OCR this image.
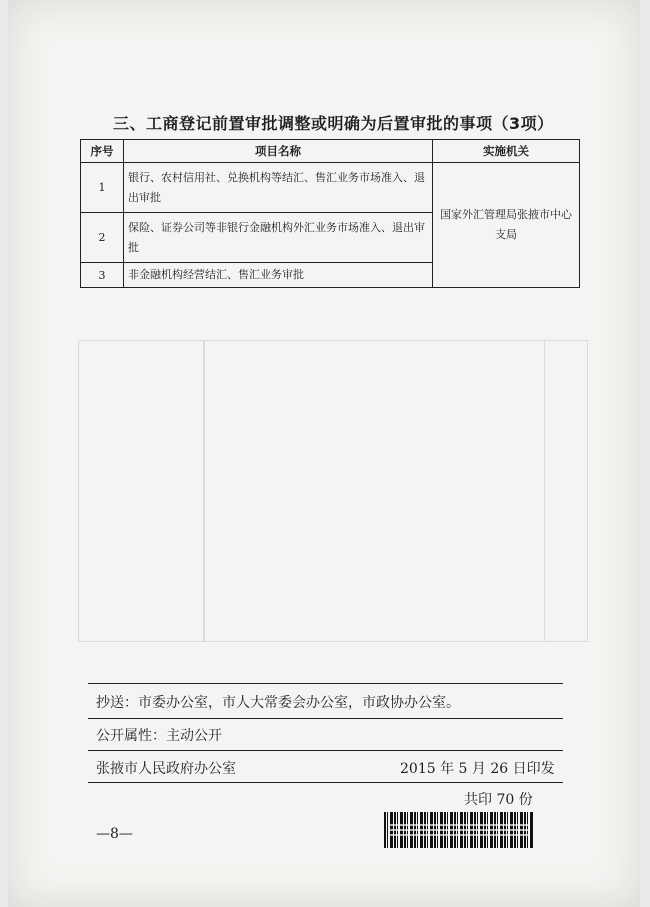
三、工商登记前置审批调整或明确为后置审批的事项（3项）
序号	项目名称	实施机关
1	银行、农村信用社、兑换机构等结汇、售汇业务市场准入、退出审批	国家外汇管理局张掖市中心支局
2	保险、证券公司等非银行金融机构外汇业务市场准入、退出审批	
3	非金融机构经营结汇、售汇业务审批	
抄送：市委办公室，市人大常委会办公室，市政协办公室。
公开属性：主动公开
张掖市人民政府办公室	2015 年 5 月 26 日印发
共印 70 份
—8—
